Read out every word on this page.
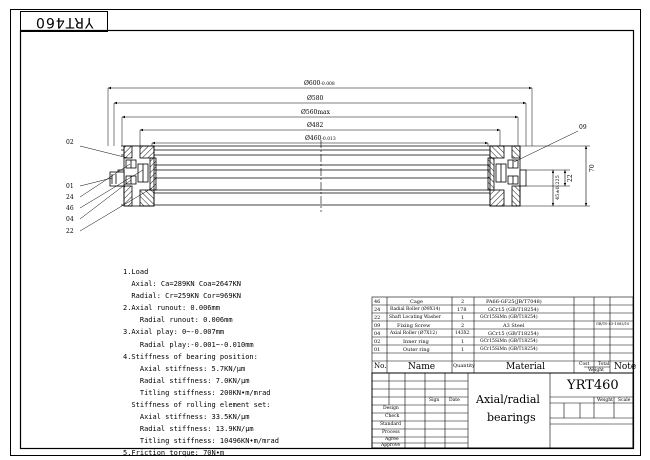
YRT460
Ø600-0.008
Ø580
Ø560max
Ø482
Ø460-0.013
70
22
45±0.225
02
01
24
46
04
22
09
1.Load
Axial: Ca=289KN Coa=2647KN
Radial: Cr=259KN Cor=969KN
2.Axial runout: 0.006mm
Radial runout: 0.006mm
3.Axial play: 0~-0.007mm
Radial play:-0.001~-0.010mm
4.Stiffness of bearing position:
Axial stiffness: 5.7KN/μm
Radial stiffness: 7.0KN/μm
Titling stiffness: 200KN•m/mrad
Stiffness of rolling element set:
Axial stiffness: 33.5KN/μm
Radial stiffness: 13.9KN/μm
Titling stiffness: 10496KN•m/mrad
5.Friction torque: 70N•m
46	Cage	2	PA66-GF25(JB/T7048)
24 Radial Roller (Ø9X14)	178	GCr15 (GB/T18254)
22 Shaft Locating Washer	1	GCr15SiMn (GB/T18254)
GB/T0-83-1083/10
09	Fixing Screw	2	A3 Steel
04 Axial Roller (Ø7X12)	143X2	GCr15 (GB/T18254)
02	Inner ring	1	GCr15SiMn (GB/T18254)
01	Outer ring	1	GCr15SiMn (GB/T18254)
No. Name	Quantity	Material	Cost Total
Weight Note
YRT460
Axial/radial
bearings
Sign Date	Weight Scale
Design
Check
Standard
Process
Agree
Approve
